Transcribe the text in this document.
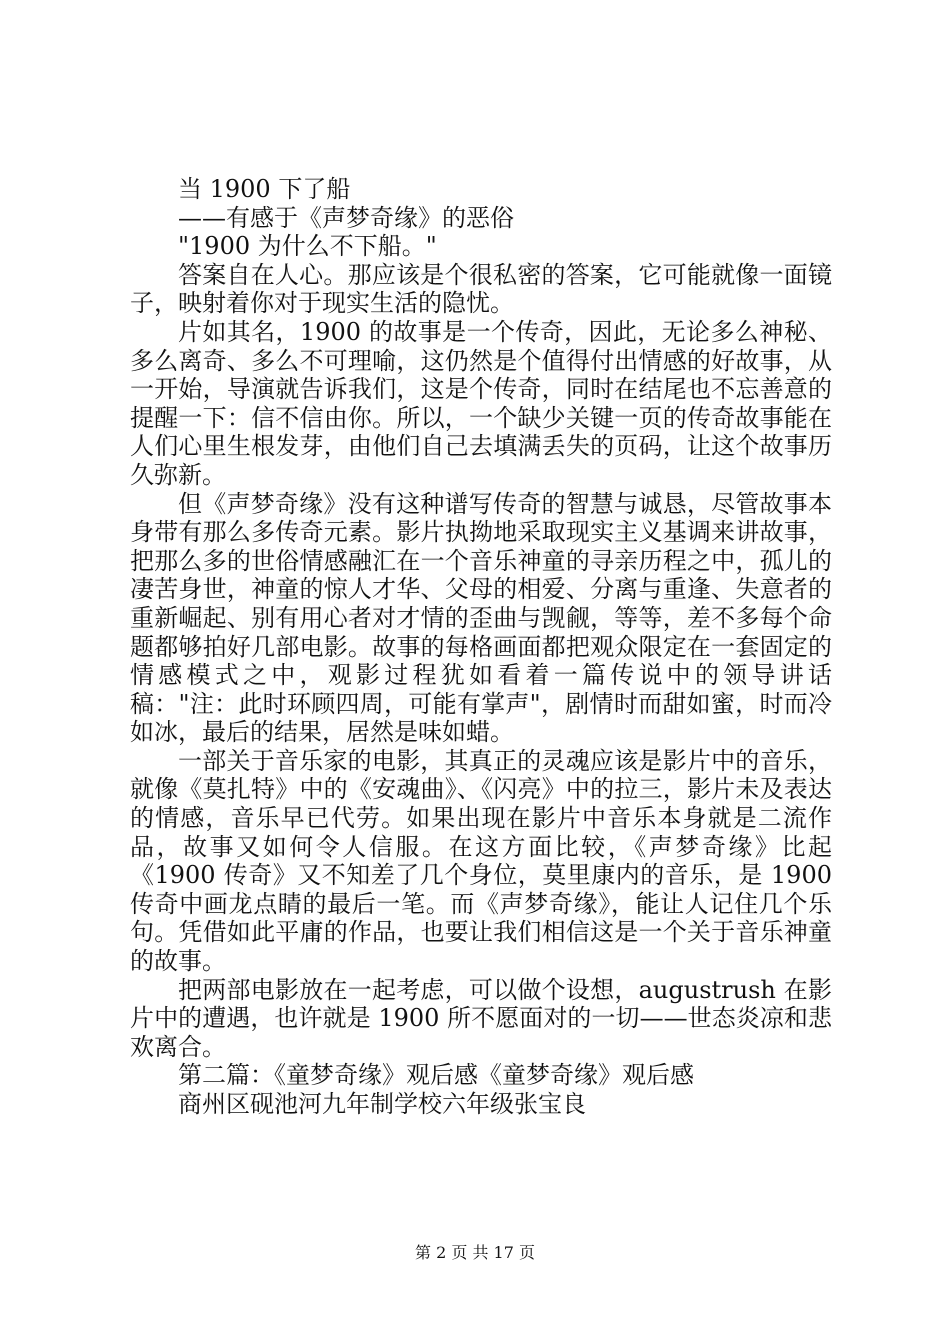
当 1900 下了船

——有感于《声梦奇缘》的恶俗

"1900 为什么不下船。"

答案自在人心。那应该是个很私密的答案，它可能就像一面镜子，映射着你对于现实生活的隐忧。

片如其名，1900 的故事是一个传奇，因此，无论多么神秘、多么离奇、多么不可理喻，这仍然是个值得付出情感的好故事，从一开始，导演就告诉我们，这是个传奇，同时在结尾也不忘善意的提醒一下：信不信由你。所以，一个缺少关键一页的传奇故事能在人们心里生根发芽，由他们自己去填满丢失的页码，让这个故事历久弥新。

但《声梦奇缘》没有这种谱写传奇的智慧与诚恳，尽管故事本身带有那么多传奇元素。影片执拗地采取现实主义基调来讲故事，把那么多的世俗情感融汇在一个音乐神童的寻亲历程之中，孤儿的凄苦身世，神童的惊人才华、父母的相爱、分离与重逢、失意者的重新崛起、别有用心者对才情的歪曲与觊觎，等等，差不多每个命题都够拍好几部电影。故事的每格画面都把观众限定在一套固定的情感模式之中，观影过程犹如看着一篇传说中的领导讲话稿："注：此时环顾四周，可能有掌声"，剧情时而甜如蜜，时而冷如冰，最后的结果，居然是味如蜡。

一部关于音乐家的电影，其真正的灵魂应该是影片中的音乐，就像《莫扎特》中的《安魂曲》、《闪亮》中的拉三，影片未及表达的情感，音乐早已代劳。如果出现在影片中音乐本身就是二流作品，故事又如何令人信服。在这方面比较，《声梦奇缘》比起《1900 传奇》又不知差了几个身位，莫里康内的音乐，是 1900 传奇中画龙点睛的最后一笔。而《声梦奇缘》，能让人记住几个乐句。凭借如此平庸的作品，也要让我们相信这是一个关于音乐神童的故事。

把两部电影放在一起考虑，可以做个设想，augustrush 在影片中的遭遇，也许就是 1900 所不愿面对的一切——世态炎凉和悲欢离合。

第二篇：《童梦奇缘》观后感《童梦奇缘》观后感

商州区砚池河九年制学校六年级张宝良

第 2 页 共 17 页
